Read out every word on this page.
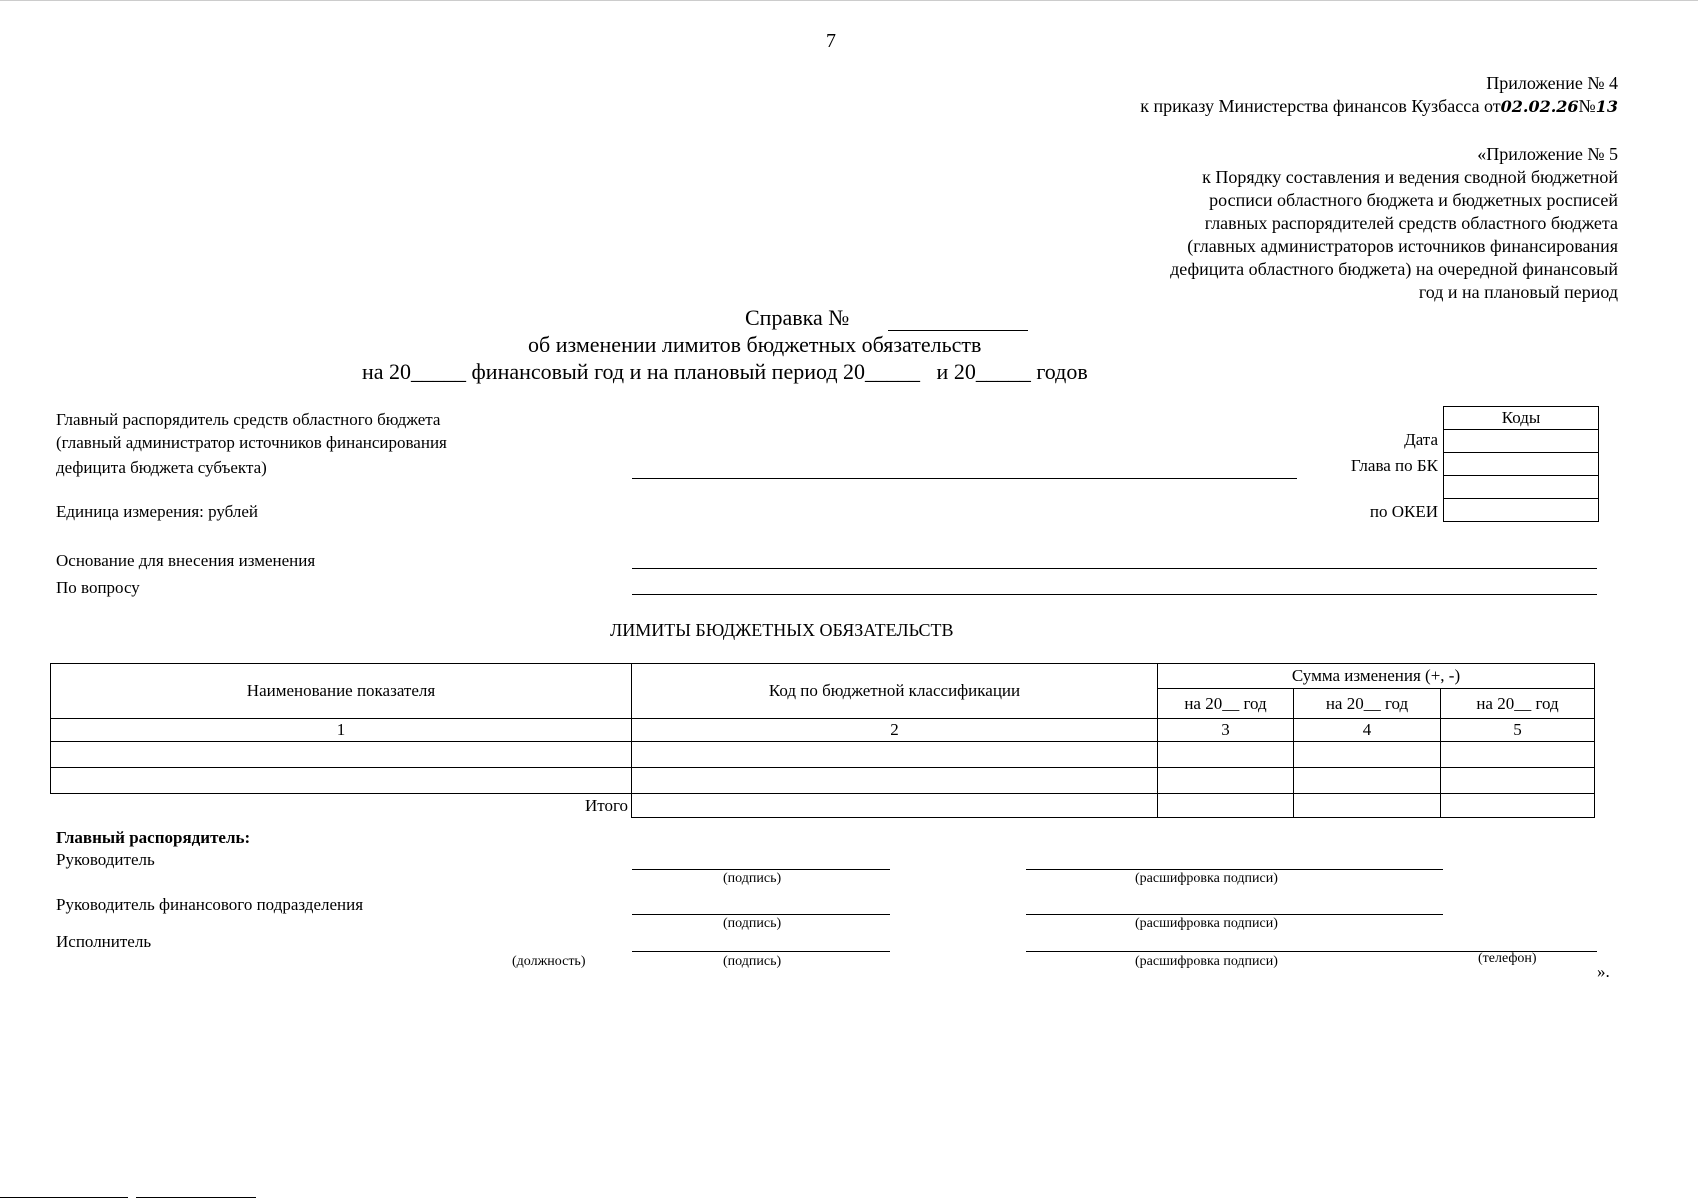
7
Приложение № 4
к приказу Министерства финансов Кузбасса от02.02.26№13
«Приложение № 5
к Порядку составления и ведения сводной бюджетной
росписи областного бюджета и бюджетных росписей
главных распорядителей средств областного бюджета
(главных администраторов источников финансирования
дефицита областного бюджета) на очередной финансовый
год и на плановый период
Справка №
об изменении лимитов бюджетных обязательств
на 20_____ финансовый год и на плановый период 20_____ и 20_____ годов
Главный распорядитель средств областного бюджета
(главный администратор источников финансирования
дефицита бюджета субъекта)
Единица измерения: рублей
Основание для внесения изменения
По вопросу
Дата
Глава по БК
по ОКЕИ
Коды
ЛИМИТЫ БЮДЖЕТНЫХ ОБЯЗАТЕЛЬСТВ
Наименование показателя	Код по бюджетной классификации	Сумма изменения (+, -)		
		на 20__ год	на 20__ год	на 20__ год
1	2	3	4	5

Итого				
Главный распорядитель:
Руководитель
(подпись)	(расшифровка подписи)
Руководитель финансового подразделения
(подпись)	(расшифровка подписи)
Исполнитель
(должность)	(подпись)	(расшифровка подписи)	(телефон)
».
